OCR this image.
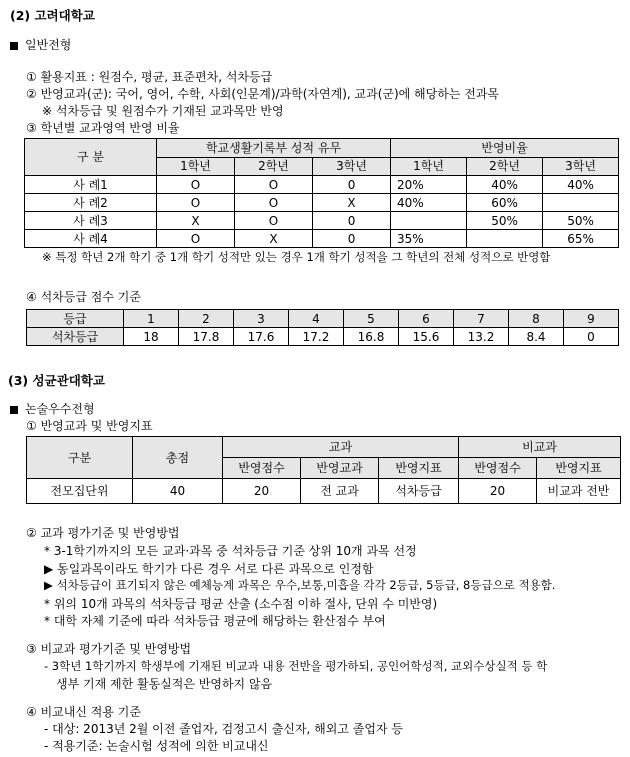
(2) 고려대학교
일반전형
① 활용지표 : 원점수, 평균, 표준편차, 석차등급
② 반영교과(군): 국어, 영어, 수학, 사회(인문계)/과학(자연계), 교과(군)에 해당하는 전과목
※ 석차등급 및 원점수가 기재된 교과목만 반영
③ 학년별 교과영역 반영 비율
구 분	학교생활기록부 성적 유무			반영비율		
	1학년	2학년	3학년	1학년	2학년	3학년
사 례1	O	O	0	20%	40%	40%
사 례2	O	O	X	40%	60%	
사 례3	X	O	0		50%	50%
사 례4	O	X	0	35%		65%
※ 특정 학년 2개 학기 중 1개 학기 성적만 있는 경우 1개 학기 성적을 그 학년의 전체 성적으로 반영함
④ 석차등급 점수 기준
등급	1	2	3	4	5	6	7	8	9
석차등급	18	17.8	17.6	17.2	16.8	15.6	13.2	8.4	0
(3) 성균관대학교
논술우수전형
① 반영교과 및 반영지표
구분	총점	교과			비교과	
		반영점수	반영교과	반영지표	반영점수	반영지표
전모집단위	40	20	전 교과	석차등급	20	비교과 전반
② 교과 평가기준 및 반영방법
* 3-1학기까지의 모든 교과·과목 중 석차등급 기준 상위 10개 과목 선정
▶ 동일과목이라도 학기가 다른 경우 서로 다른 과목으로 인정함
▶ 석차등급이 표기되지 않은 예체능계 과목은 우수,보통,미흡을 각각 2등급, 5등급, 8등급으로 적용함.
* 위의 10개 과목의 석차등급 평균 산출 (소수점 이하 절사, 단위 수 미반영)
* 대학 자체 기준에 따라 석차등급 평균에 해당하는 환산점수 부여
③ 비교과 평가기준 및 반영방법
- 3학년 1학기까지 학생부에 기재된 비교과 내용 전반을 평가하되, 공인어학성적, 교외수상실적 등 학
생부 기재 제한 활동실적은 반영하지 않음
④ 비교내신 적용 기준
- 대상: 2013년 2월 이전 졸업자, 검정고시 출신자, 해외고 졸업자 등
- 적용기준: 논술시험 성적에 의한 비교내신
